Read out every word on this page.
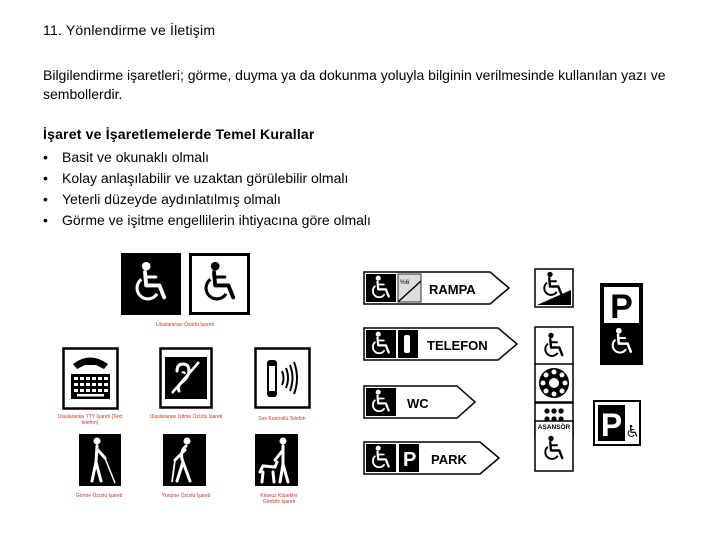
11. Yönlendirme ve İletişim
Bilgilendirme işaretleri; görme, duyma ya da dokunma yoluyla bilginin verilmesinde kullanılan yazı ve sembollerdir.
İşaret ve İşaretlemelerde Temel Kurallar
• Basit ve okunaklı olmalı
• Kolay anlaşılabilir ve uzaktan görülebilir olmalı
• Yeterli düzeyde aydınlatılmış olmalı
• Görme ve işitme engellilerin ihtiyacına göre olmalı
Uluslararası Özürlü İşareti
Uluslararası TTY İşareti (Text telefon)
Uluslararası İşitme Özürlü İşareti	Ses Kontrollü Telefon
Görme Özürlü İşareti	Yürüme Özürlü İşareti	Kılavuz Köpekler Girebilir İşareti
%6 RAMPA
TELEFON
WC
P PARK
ASANSÖR
P
P
